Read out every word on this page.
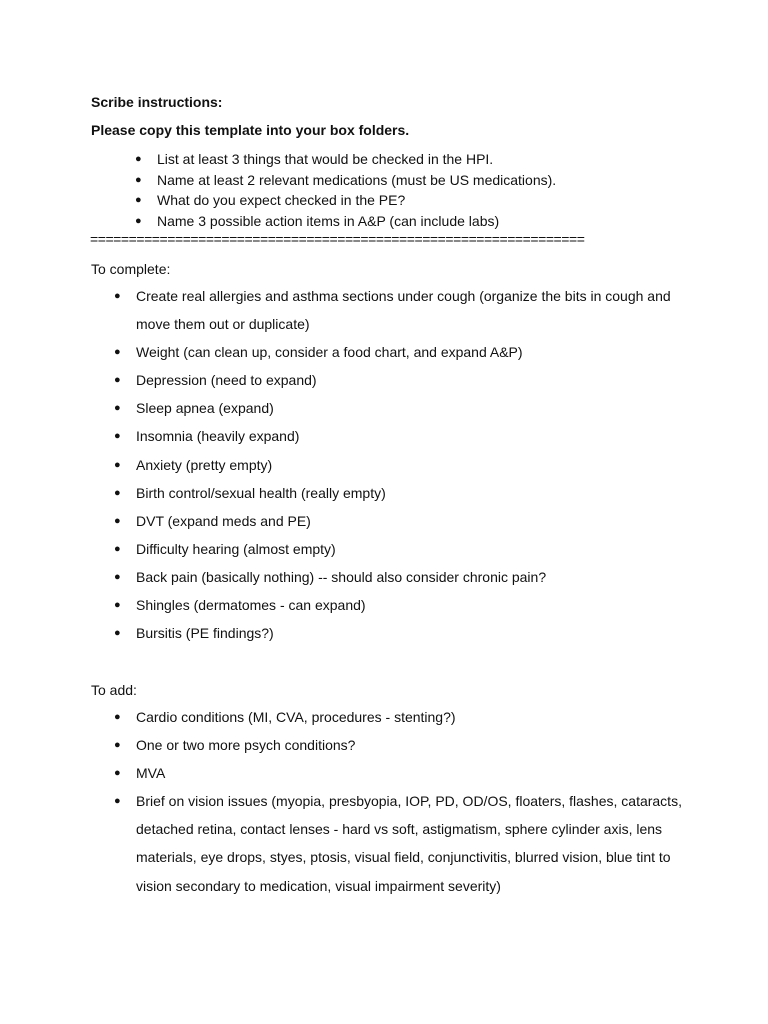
Scribe instructions:

Please copy this template into your box folders.

● List at least 3 things that would be checked in the HPI.
● Name at least 2 relevant medications (must be US medications).
● What do you expect checked in the PE?
● Name 3 possible action items in A&P (can include labs)

================================================================

To complete:

● Create real allergies and asthma sections under cough (organize the bits in cough and move them out or duplicate)
● Weight (can clean up, consider a food chart, and expand A&P)
● Depression (need to expand)
● Sleep apnea (expand)
● Insomnia (heavily expand)
● Anxiety (pretty empty)
● Birth control/sexual health (really empty)
● DVT (expand meds and PE)
● Difficulty hearing (almost empty)
● Back pain (basically nothing) -- should also consider chronic pain?
● Shingles (dermatomes - can expand)
● Bursitis (PE findings?)

To add:

● Cardio conditions (MI, CVA, procedures - stenting?)
● One or two more psych conditions?
● MVA
● Brief on vision issues (myopia, presbyopia, IOP, PD, OD/OS, floaters, flashes, cataracts, detached retina, contact lenses - hard vs soft, astigmatism, sphere cylinder axis, lens materials, eye drops, styes, ptosis, visual field, conjunctivitis, blurred vision, blue tint to vision secondary to medication, visual impairment severity)
